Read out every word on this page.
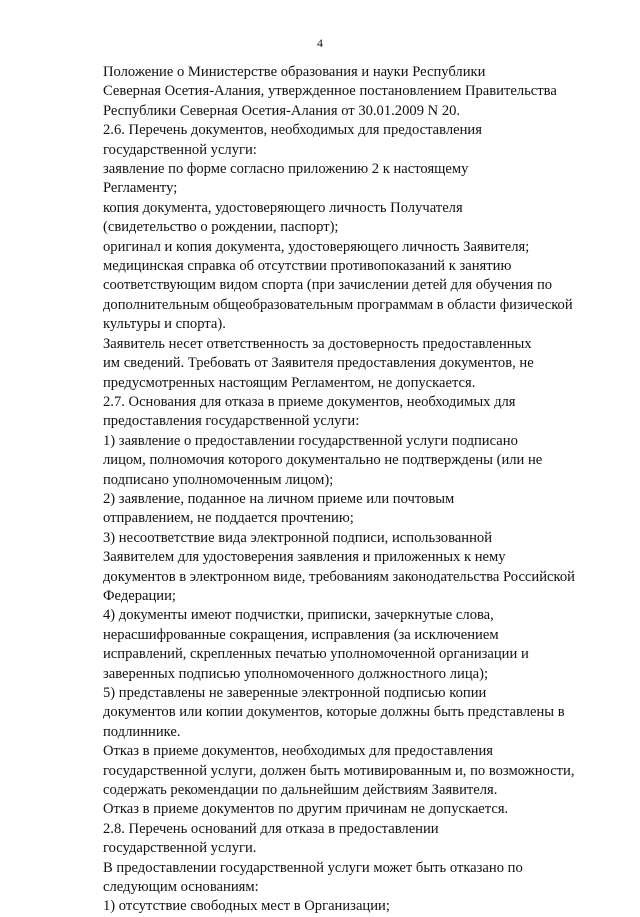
4

Положение о Министерстве образования и науки Республики
Северная Осетия-Алания, утвержденное постановлением Правительства
Республики Северная Осетия-Алания от 30.01.2009 N 20.

2.6. Перечень документов, необходимых для предоставления
государственной услуги:

заявление по форме согласно приложению 2 к настоящему
Регламенту;

копия документа, удостоверяющего личность Получателя
(свидетельство о рождении, паспорт);

оригинал и копия документа, удостоверяющего личность Заявителя;

медицинская справка об отсутствии противопоказаний к занятию
соответствующим видом спорта (при зачислении детей для обучения по
дополнительным общеобразовательным программам в области физической
культуры и спорта).

Заявитель несет ответственность за достоверность предоставленных
им сведений. Требовать от Заявителя предоставления документов, не
предусмотренных настоящим Регламентом, не допускается.

2.7. Основания для отказа в приеме документов, необходимых для
предоставления государственной услуги:

1) заявление о предоставлении государственной услуги подписано
лицом, полномочия которого документально не подтверждены (или не
подписано уполномоченным лицом);

2) заявление, поданное на личном приеме или почтовым
отправлением, не поддается прочтению;

3) несоответствие вида электронной подписи, использованной
Заявителем для удостоверения заявления и приложенных к нему
документов в электронном виде, требованиям законодательства Российской
Федерации;

4) документы имеют подчистки, приписки, зачеркнутые слова,
нерасшифрованные сокращения, исправления (за исключением
исправлений, скрепленных печатью уполномоченной организации и
заверенных подписью уполномоченного должностного лица);

5) представлены не заверенные электронной подписью копии
документов или копии документов, которые должны быть представлены в
подлиннике.

Отказ в приеме документов, необходимых для предоставления
государственной услуги, должен быть мотивированным и, по возможности,
содержать рекомендации по дальнейшим действиям Заявителя.

Отказ в приеме документов по другим причинам не допускается.

2.8. Перечень оснований для отказа в предоставлении
государственной услуги.

В предоставлении государственной услуги может быть отказано по
следующим основаниям:

1) отсутствие свободных мест в Организации;
